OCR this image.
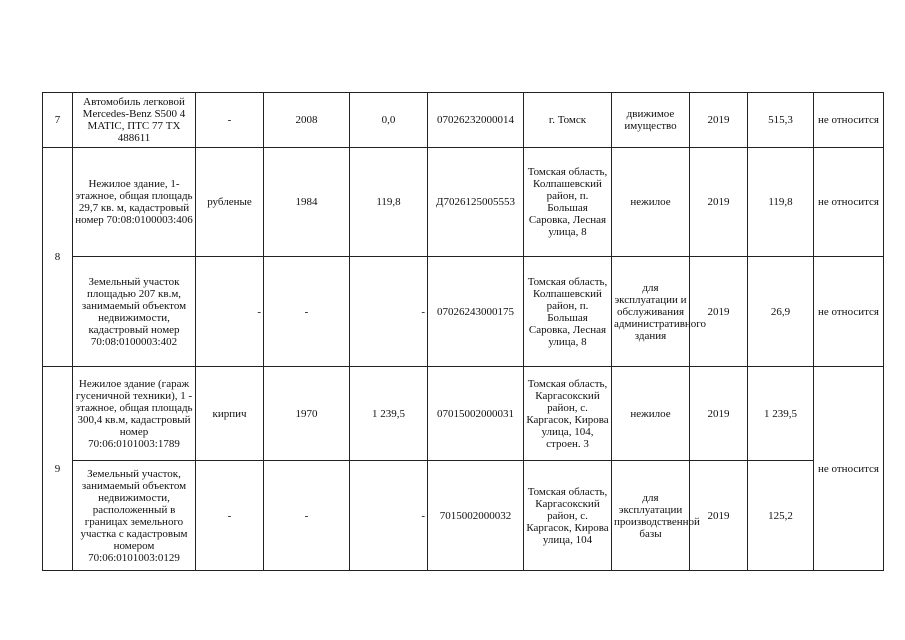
7	Автомобиль легковой Mercedes-Benz S500 4 MATIC, ПТС 77 ТХ 488611	-	2008	0,0	07026232000014	г. Томск	движимое имущество	2019	515,3	не относится
8	Нежилое здание, 1-этажное, общая площадь 29,7 кв. м, кадастровый номер 70:08:0100003:406	рубленые	1984	119,8	Д7026125005553	Томская область, Колпашевский район, п. Большая Саровка, Лесная улица, 8	нежилое	2019	119,8	не относится
	Земельный участок площадью 207 кв.м, занимаемый объектом недвижимости, кадастровый номер 70:08:0100003:402	-	-	-	07026243000175	Томская область, Колпашевский район, п. Большая Саровка, Лесная улица, 8	для эксплуатации и обслуживания административного здания	2019	26,9	не относится
9	Нежилое здание (гараж гусеничной техники), 1 - этажное, общая площадь 300,4 кв.м, кадастровый номер 70:06:0101003:1789	кирпич	1970	1 239,5	07015002000031	Томская область, Каргасокский район, с. Каргасок, Кирова улица, 104, строен. 3	нежилое	2019	1 239,5	не относится
	Земельный участок, занимаемый объектом недвижимости, расположенный в границах земельного участка с кадастровым номером 70:06:0101003:0129	-	-	-	7015002000032	Томская область, Каргасокский район, с. Каргасок, Кирова улица, 104	для эксплуатации производственной базы	2019	125,2	
